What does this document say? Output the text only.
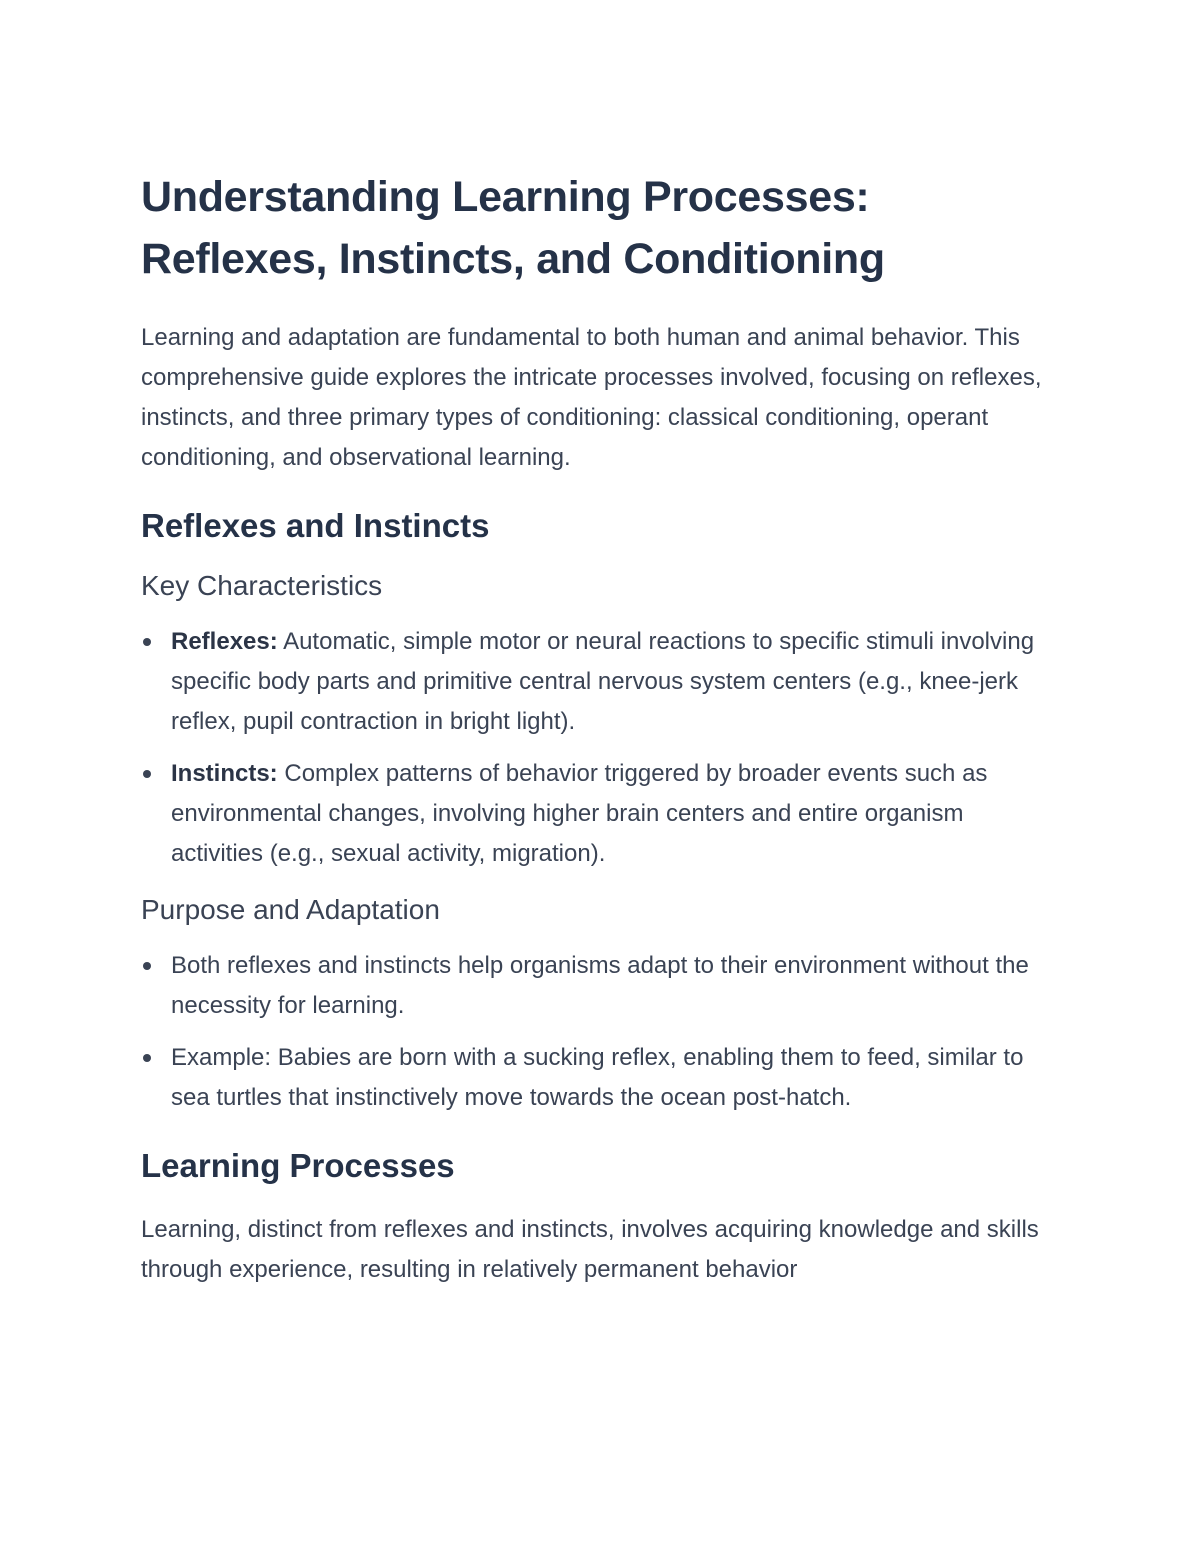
Understanding Learning Processes: Reflexes, Instincts, and Conditioning

Learning and adaptation are fundamental to both human and animal behavior. This comprehensive guide explores the intricate processes involved, focusing on reflexes, instincts, and three primary types of conditioning: classical conditioning, operant conditioning, and observational learning.

Reflexes and Instincts
Key Characteristics
Reflexes: Automatic, simple motor or neural reactions to specific stimuli involving specific body parts and primitive central nervous system centers (e.g., knee-jerk reflex, pupil contraction in bright light).
Instincts: Complex patterns of behavior triggered by broader events such as environmental changes, involving higher brain centers and entire organism activities (e.g., sexual activity, migration).
Purpose and Adaptation
Both reflexes and instincts help organisms adapt to their environment without the necessity for learning.
Example: Babies are born with a sucking reflex, enabling them to feed, similar to sea turtles that instinctively move towards the ocean post-hatch.
Learning Processes

Learning, distinct from reflexes and instincts, involves acquiring knowledge and skills through experience, resulting in relatively permanent behavior
